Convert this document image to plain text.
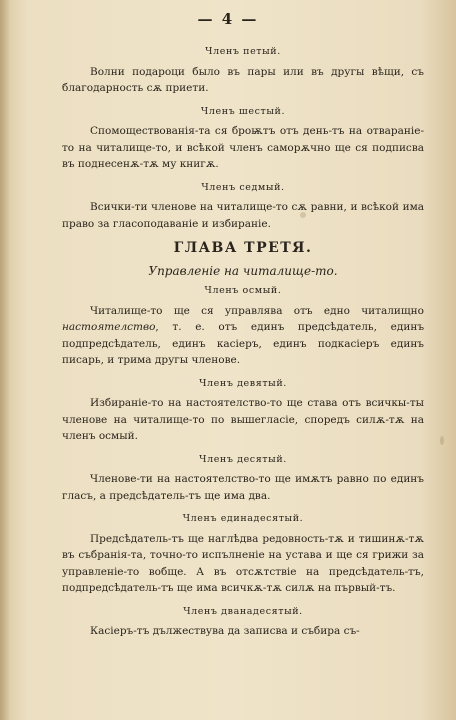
— 4 —
Членъ петый.
Волни подароци было въ пары или въ другы вѣщи, съ благодарность сѫ приети.
Членъ шестый.
Спомоществованія-та ся броѭтъ отъ день-тъ на отвараніе-то на читалище-то, и всѣкой членъ саморѫчно ще ся подписва въ поднесенѫ-тѫ му книгѫ.
Членъ седмый.
Всички-ти членове на читалище-то сѫ равни, и всѣкой има право за гласоподаваніе и избираніе.
ГЛАВА ТРЕТЯ.
Управленіе на читалище-то.
Членъ осмый.
Читалище-то ще ся управлява отъ едно читалищно настоятелство, т. е. отъ единъ предсѣдатель, единъ подпредсѣдатель, единъ касіеръ, единъ подкасіеръ единъ писарь, и трима другы членове.
Членъ девятый.
Избираніе-то на настоятелство-то ще става отъ всичкы-ты членове на читалище-то по вышегласіе, споредъ силѫ-тѫ на членъ осмый.
Членъ десятый.
Членове-ти на настоятелство-то ще имѫтъ равно по единъ гласъ, а предсѣдатель-тъ ще има два.
Членъ единадесятый.
Предсѣдатель-тъ ще наглѣдва редовность-тѫ и тишинѫ-тѫ въ събранія-та, точно-то испълненіе на устава и ще ся грижи за управленіе-то вобще. А въ отсѫтствіе на предсѣдатель-тъ, подпредсѣдатель-тъ ще има всичкѫ-тѫ силѫ на първый-тъ.
Членъ дванадесятый.
Касіеръ-тъ дължествува да записва и събира съ-
